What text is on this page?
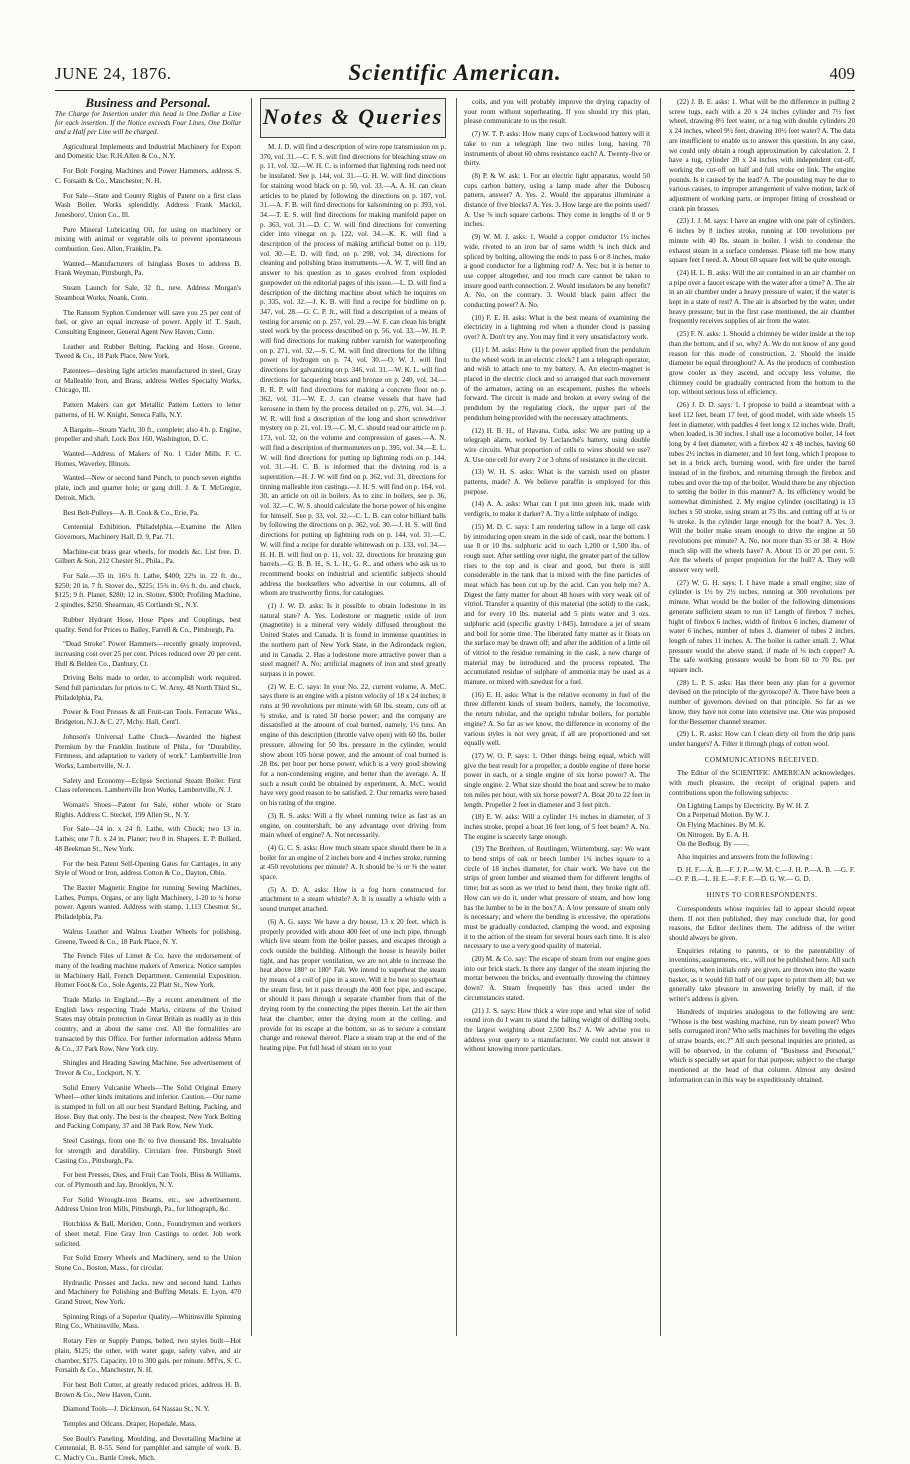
JUNE 24, 1876.	Scientific American.	409
Business and Personal.
The Charge for Insertion under this head is One Dollar a Line for each insertion. If the Notice exceeds Four Lines, One Dollar and a Half per Line will be charged.
Agricultural Implements and Industrial Machinery for Export and Domestic Use. R.H.Allen & Co., N.Y.
For Bolt Forging Machines and Power Hammers, address S. C. Forsaith & Co., Manchester, N. H.
For Sale—State and County Rights of Patent on a first class Wash Boiler. Works splendidly. Address Frank Mackil, Jonesboro', Union Co., Ill.
Pure Mineral Lubricating Oil, for using on machinery or mixing with animal or vegetable oils to prevent spontaneous combustion. Geo. Allen, Franklin, Pa.
Wanted—Manufacturers of Isinglass Boxes to address B. Frank Weyman, Pittsburgh, Pa.
Steam Launch for Sale, 32 ft., new. Address Morgan's Steamboat Works, Noank, Conn.
The Ransom Syphon Condenser will save you 25 per cent of fuel, or give an equal increase of power. Apply it! T. Sault, Consulting Engineer, General Agent New Haven, Conn.
Leather and Rubber Belting, Packing and Hose. Greene, Tweed & Co., 18 Park Place, New York.
Patentees—desiring light articles manufactured in steel, Gray or Malleable Iron, and Brass, address Welles Specialty Works, Chicago, Ill.
Pattern Makers can get Metallic Pattern Letters to letter patterns, of H. W. Knight, Seneca Falls, N.Y.
A Bargain—Steam Yacht, 30 ft., complete; also 4 h. p. Engine, propeller and shaft. Lock Box 160, Washington, D. C.
Wanted—Address of Makers of No. 1 Cider Mills. F. C. Homes, Waverley, Illinois.
Wanted—New or second hand Punch, to punch seven eighths plate, inch and quarter hole; or gang drill. J. & T. McGregor, Detroit, Mich.
Best Belt-Pulleys—A. B. Cook & Co., Erie, Pa.
Centennial Exhibition, Philadelphia.—Examine the Allen Governors, Machinery Hall, D. 9, Par. 71.
Machine-cut brass gear wheels, for models &c. List free. D. Gilbert & Son, 212 Chester St., Phila., Pa.
For Sale.—35 in. 16½ ft. Lathe, $400; 22¾ in. 22 ft. do., $250; 20 in. 7 ft. Stover do., $225; 15¾ in. 6¼ ft. do. and chuck, $125; 9 ft. Planer, $280; 12 in. Slotter, $300; Profiling Machine, 2 spindles, $250. Shearman, 45 Cortlandt St., N.Y.
Rubber Hydrant Hose, Hose Pipes and Couplings, best quality. Send for Prices to Bailey, Farrell & Co., Pittsburgh, Pa.
"Dead Stroke" Power Hammers—recently greatly improved, increasing cost over 25 per cent. Prices reduced over 20 per cent. Hull & Belden Co., Danbury, Ct.
Driving Belts made to order, to accomplish work required. Send full particulars for prices to C. W. Arny, 48 North Third St., Philadelphia, Pa.
Power & Foot Presses & all Fruit-can Tools. Ferracute Wks., Bridgeton, N.J. & C. 27, Mchy. Hall, Cent'l.
Johnson's Universal Lathe Chuck—Awarded the highest Premium by the Franklin Institute of Phila., for "Durability, Firmness, and adaptation to variety of work." Lambertville Iron Works, Lambertville, N. J.
Safety and Economy—Eclipse Sectional Steam Boiler. First Class references. Lambertville Iron Works, Lambertville, N. J.
Woman's Shoes—Patent for Sale, either whole or State Rights. Address C. Steckel, 199 Allen St., N. Y.
For Sale—24 in. x 24 ft. Lathe, with Chuck; two 13 in. Lathes; one 7 ft. x 24 in. Planer; two 8 in. Shapers. E. P. Bullard, 48 Beekman St., New York.
For the best Patent Self-Opening Gates for Carriages, in any Style of Wood or Iron, address Cotton & Co., Dayton, Ohio.
The Baxter Magnetic Engine for running Sewing Machines, Lathes, Pumps, Organs, or any light Machinery, 1-20 to ¼ horse power. Agents wanted. Address with stamp, 1,113 Chestnut St., Philadelphia, Pa.
Walrus Leather and Walrus Leather Wheels for polishing. Greene, Tweed & Co., 18 Park Place, N. Y.
The French Files of Limet & Co. have the endorsement of many of the leading machine makers of America. Notice samples in Machinery Hall, French Department, Centennial Exposition. Homer Foot & Co., Sole Agents, 22 Platt St., New York.
Trade Marks in England.—By a recent amendment of the English laws respecting Trade Marks, citizens of the United States may obtain protection in Great Britain as readily as in this country, and at about the same cost. All the formalities are transacted by this Office. For further information address Munn & Co., 37 Park Row, New York city.
Shingles and Heading Sawing Machine. See advertisement of Trevor & Co., Lockport, N. Y.
Solid Emery Vulcanite Wheels—The Solid Original Emery Wheel—other kinds imitations and inferior. Caution.—Our name is stamped in full on all our best Standard Belting, Packing, and Hose. Buy that only. The best is the cheapest. New York Belting and Packing Company, 37 and 38 Park Row, New York.
Steel Castings, from one lb. to five thousand lbs. Invaluable for strength and durability. Circulars free. Pittsburgh Steel Casting Co., Pittsburgh, Pa.
For best Presses, Dies, and Fruit Can Tools, Bliss & Williams, cor. of Plymouth and Jay, Brooklyn, N. Y.
For Solid Wrought-iron Beams, etc., see advertisement. Address Union Iron Mills, Pittsburgh, Pa., for lithograph, &c.
Hotchkiss & Ball, Meriden, Conn., Foundrymen and workers of sheet metal. Fine Gray Iron Castings to order. Job work solicited.
For Solid Emery Wheels and Machinery, send to the Union Stone Co., Boston, Mass., for circular.
Hydraulic Presses and Jacks, new and second hand. Lathes and Machinery for Polishing and Buffing Metals. E. Lyon, 470 Grand Street, New York.
Spinning Rings of a Superior Quality.—Whitinsville Spinning Ring Co., Whitinsville, Mass.
Rotary Fire or Supply Pumps, belted, two styles built—Hot plain, $125; the other, with water gage, safety valve, and air chamber, $175. Capacity, 10 to 300 gals. per minute. M'f'rs, S. C. Forsaith & Co., Manchester, N. H.
For best Bolt Cutter, at greatly reduced prices, address H. B. Brown & Co., New Haven, Conn.
Diamond Tools—J. Dickinson, 64 Nassau St., N. Y.
Temples and Oilcans. Draper, Hopedale, Mass.
See Boult's Paneling, Moulding, and Dovetailing Machine at Centennial, B. 8-55. Send for pamphlet and sample of work. B. C. Mach'y Co., Battle Creek, Mich.
Notes & Queries
M. J. D. will find a description of wire rope transmission on p. 370, vol. 31.—C. F. S. will find directions for bleaching straw on p. 11, vol. 32.—W. H. C. is informed that lightning rods need not be insulated. See p. 144, vol. 31.—G. H. W. will find directions for staining wood black on p. 50, vol. 33.—A. A. H. can clean articles to be plated by following the directions on p. 187, vol. 31.—A. F. B. will find directions for kalsomining on p. 393, vol. 34.—T. E. S. will find directions for making manifold paper on p. 363, vol. 31.—D. C. W. will find directions for converting cider into vinegar on p. 122, vol. 34.—K. K. will find a description of the process of making artificial butter on p. 119, vol. 30.—E. D. will find, on p. 298, vol. 34, directions for cleaning and polishing brass instruments.—A. W. T. will find an answer to his question as to gases evolved from exploded gunpowder on the editorial pages of this issue.—L. D. will find a description of the ditching machine about which he inquires on p. 335, vol. 32.—J. K. B. will find a recipe for birdlime on p. 347, vol. 28.—G. C. P. Jr., will find a description of a means of testing for arsenic on p. 257, vol. 29.—W. F. can clean his bright steel work by the process described on p. 56, vol. 33.—W. H. P. will find directions for making rubber varnish for waterproofing on p. 271, vol. 32.—S. C. M. will find directions for the lifting power of hydrogen on p. 74, vol. 30.—O. W. J. will find directions for galvanizing on p. 346, vol. 31.—W. K. L. will find directions for lacquering brass and bronze on p. 240, vol. 34.—R. R. P. will find directions for making a concrete floor on p. 362, vol. 31.—W. E. J. can cleanse vessels that have had kerosene in them by the process detailed on p. 276, vol. 34.—J. W. R. will find a description of the long and short screwdriver mystery on p. 21, vol. 19.—C. M. C. should read our article on p. 173, vol. 32, on the volume and compression of gases.—A. N. will find a description of thermometers on p. 395, vol. 34.—E. L. W. will find directions for putting up lightning rods on p. 144, vol. 31.—H. C. B. is informed that the divining rod is a superstition.—H. J. W. will find on p. 362, vol. 31, directions for tinning malleable iron castings.—J. H. S. will find on p. 164, vol. 30, an article on oil in boilers. As to zinc in boilers, see p. 36, vol. 32.—C. W. S. should calculate the horse power of his engine for himself. See p. 33, vol. 32.—C. L. B. can color billiard balls by following the directions on p. 362, vol. 30.—J. H. S. will find directions for putting up lightning rods on p. 144, vol. 31.—C. W. will find a recipe for durable whitewash on p. 133, vol. 34.—H. H. B. will find on p. 11, vol. 32, directions for bronzing gun barrels.—G. B. B. H., S. L. H., G. R., and others who ask us to recommend books on industrial and scientific subjects should address the booksellers who advertise in our columns, all of whom are trustworthy firms, for catalogues.
(1) J. W. D. asks: Is it possible to obtain lodestone in its natural state? A. Yes. Lodestone or magnetic oxide of iron (magnetite) is a mineral very widely diffused throughout the United States and Canada. It is found in immense quantities in the northern part of New York State, in the Adirondack region, and in Canada. 2. Has a lodestone more attractive power than a steel magnet? A. No; artificial magnets of iron and steel greatly surpass it in power.
(2) W. E. C. says: In your No. 22, current volume, A. McC. says there is an engine with a piston velocity of 18 x 24 inches; it runs at 90 revolutions per minute with 60 lbs. steam, cuts off at ¾ stroke, and is rated 50 horse power; and the company are dissatisfied at the amount of coal burned, namely, 1½ tuns. An engine of this description (throttle valve open) with 60 lbs. boiler pressure, allowing for 50 lbs. pressure in the cylinder, would show about 105 horse power, and the amount of coal burned is 28 lbs. per hour per horse power, which is a very good showing for a non-condensing engine, and better than the average. A. If such a result could be obtained by experiment, A. McC. would have very good reason to be satisfied. 2. Our remarks were based on his rating of the engine.
(3) R. S. asks: Will a fly wheel running twice as fast as an engine, on countershaft, be any advantage over driving from main wheel of engine? A. Not necessarily.
(4) G. C. S. asks: How much steam space should there be in a boiler for an engine of 2 inches bore and 4 inches stroke, running at 450 revolutions per minute? A. It should be ¼ or ⅜ the water space.
(5) A. D. A. asks: How is a fog horn constructed for attachment to a steam whistle? A. It is usually a whistle with a sound trumpet attached.
(6) A. G. says: We have a dry house, 13 x 20 feet, which is properly provided with about 400 feet of one inch pipe, through which live steam from the boiler passes, and escapes through a cock outside the building. Although the house is heavily boiler tight, and has proper ventilation, we are not able to increase the heat above 180° or 180° Fah. We intend to superheat the steam by means of a coil of pipe in a stove. Will it be best to superheat the steam first, let it pass through the 400 feet pipe, and escape, or should it pass through a separate chamber from that of the drying room by the connecting the pipes therein. Let the air then heat the chamber, enter the drying room at the ceiling, and provide for its escape at the bottom, so as to secure a constant change and renewal thereof. Place a steam trap at the end of the heating pipe. Put full head of steam on to your
coils, and you will probably improve the drying capacity of your room without superheating. If you should try this plan, please communicate to us the result.
(7) W. T. P. asks: How many cups of Lockwood battery will it take to run a telegraph line two miles long, having 70 instruments of about 60 ohms resistance each? A. Twenty-five or thirty.
(8) P. & W. ask: 1. For an electric light apparatus, would 50 cups carbon battery, using a lamp made after the Duboscq pattern, answer? A. Yes. 2. Would the apparatus illuminate a distance of five blocks? A. Yes. 3. How large are the points used? A. Use ⅜ inch square carbons. They come in lengths of 8 or 9 inches.
(9) W. M. J. asks: 1. Would a copper conductor 1½ inches wide, riveted to an iron bar of same width ¼ inch thick and spliced by bolting, allowing the ends to pass 6 or 8 inches, make a good conductor for a lightning rod? A. Yes; but it is better to use copper altogether, and too much care cannot be taken to insure good earth connection. 2. Would insulators be any benefit? A. No, on the contrary. 3. Would black paint affect the conducting power? A. No.
(10) F. E. H. asks: What is the best means of examining the electricity in a lightning rod when a thunder cloud is passing over? A. Don't try any. You may find it very unsatisfactory work.
(11) I. M. asks: How is the power applied from the pendulum to the wheel work in an electric clock? I am a telegraph operator, and wish to attach one to my battery. A. An electro-magnet is placed in the electric clock and so arranged that each movement of the armature, acting on an escapement, pushes the wheels forward. The circuit is made and broken at every swing of the pendulum by the regulating clock, the upper part of the pendulum being provided with the necessary attachments.
(12) H. B. H., of Havana, Cuba, asks: We are putting up a telegraph alarm, worked by Leclanché's battery, using double wire circuits. What proportion of cells to wires should we use? A. Use one cell for every 2 or 3 ohms of resistance in the circuit.
(13) W. H. S. asks: What is the varnish used on plaster patterns, made? A. We believe paraffin is employed for this purpose.
(14) A. A. asks: What can I put into green ink, made with verdigris, to make it darker? A. Try a little sulphate of indigo.
(15) M. D. C. says: I am rendering tallow in a large oil cask by introducing open steam in the side of cask, near the bottom. I use 8 or 10 lbs. sulphuric acid to each 1,200 or 1,500 lbs. of rough suet. After settling over night, the greater part of the tallow rises to the top and is clear and good, but there is still considerable in the tank that is mixed with the fine particles of meat which has been cut up by the acid. Can you help me? A. Digest the fatty matter for about 48 hours with very weak oil of vitriol. Transfer a quantity of this material (the solid) to the cask, and for every 10 lbs. material add 5 pints water and 3 ozs. sulphuric acid (specific gravity 1·845). Introduce a jet of steam and boil for some time. The liberated fatty matter as it floats on the surface may be drawn off; and after the addition of a little oil of vitriol to the residue remaining in the cask, a new charge of material may be introduced and the process repeated. The accumulated residue of sulphate of ammonia may be used as a manure, or mixed with sawdust for a fuel.
(16) E. H. asks: What is the relative economy in fuel of the three different kinds of steam boilers, namely, the locomotive, the return tubular, and the upright tubular boilers, for portable engine? A. So far as we know, the difference in economy of the various styles is not very great, if all are proportioned and set equally well.
(17) W. O. P. says: 1. Other things being equal, which will give the best result for a propeller, a double engine of three horse power in each, or a single engine of six horse power? A. The single engine. 2. What size should the boat and screw be to make ten miles per hour, with six horse power? A. Boat 20 to 22 feet in length. Propeller 2 feet in diameter and 3 feet pitch.
(18) E. W. asks: Will a cylinder 1½ inches in diameter, of 3 inches stroke, propel a boat 16 feet long, of 5 feet beam? A. No. The engine is scarcely large enough.
(19) The Brethren, of Reutlingen, Würtemburg, say: We want to bend strips of oak or beech lumber 1¾ inches square to a circle of 18 inches diameter, for chair work. We have cut the strips of green lumber and steamed them for different lengths of time; but as soon as we tried to bend them, they broke right off. How can we do it, under what pressure of steam, and how long has the lumber to be in the box? A. A low pressure of steam only is necessary; and where the bending is excessive, the operations must be gradually conducted, clamping the wood, and exposing it to the action of the steam for several hours each time. It is also necessary to use a very good quality of material.
(20) M. & Co. say: The escape of steam from our engine goes into our brick stack. Is there any danger of the steam injuring the mortar between the bricks, and eventually throwing the chimney down? A. Steam frequently has thus acted under the circumstances stated.
(21) J. S. says: How thick a wire rope and what size of solid round iron do I want to stand the falling weight of drilling tools, the largest weighing about 2,500 lbs.? A. We advise you to address your query to a manufacturer. We could not answer it without knowing more particulars.
(22) J. B. E. asks: 1. What will be the difference in pulling 2 screw tugs, each with a 20 x 24 inches cylinder and 7½ feet wheel, drawing 8½ feet water, or a tug with double cylinders 20 x 24 inches, wheel 9½ feet, drawing 10½ feet water? A. The data are insufficient to enable us to answer this question. In any case, we could only obtain a rough approximation by calculation. 2. I have a tug, cylinder 20 x 24 inches with independent cut-off, working the cut-off on half and full stroke on link. The engine pounds. Is it caused by the lead? A. The pounding may be due to various causes, to improper arrangement of valve motion, lack of adjustment of working parts, or improper fitting of crosshead or crank pin brasses.
(23) J. J. M. says: I have an engine with one pair of cylinders, 6 inches by 8 inches stroke, running at 100 revolutions per minute with 40 lbs. steam in boiler. I wish to condense the exhaust steam in a surface condenser. Please tell me how many square feet I need. A. About 60 square feet will be quite enough.
(24) H. L. B. asks: Will the air contained in an air chamber on a pipe over a faucet escape with the water after a time? A. The air in an air chamber under a heavy pressure of water, if the water is kept in a state of rest? A. The air is absorbed by the water, under heavy pressure; but in the first case mentioned, the air chamber frequently receives supplies of air from the water.
(25) F. N. asks: 1. Should a chimney be wider inside at the top than the bottom, and if so, why? A. We do not know of any good reason for this mode of construction. 2. Should the inside diameter be equal throughout? A. As the products of combustion grow cooler as they ascend, and occupy less volume, the chimney could be gradually contracted from the bottom to the top, without serious loss of efficiency.
(26) J. D. D. says: 1. I propose to build a steamboat with a keel 112 feet, beam 17 feet, of good model, with side wheels 15 feet in diameter, with paddles 4 feet long x 12 inches wide. Draft, when loaded, is 30 inches. I shall use a locomotive boiler, 14 feet long by 4 feet diameter, with a firebox 42 x 48 inches, having 60 tubes 2½ inches in diameter, and 10 feet long, which I propose to set in a brick arch, burning wood, with fire under the barrel instead of in the firebox, and returning through the firebox and tubes and over the top of the boiler. Would there be any objection to setting the boiler in this manner? A. Its efficiency would be somewhat diminished. 2. My engine cylinder (oscillating) is 13 inches x 50 stroke, using steam at 75 lbs. and cutting off at ¼ or ⅜ stroke. Is the cylinder large enough for the boat? A. Yes. 3. Will the boiler make steam enough to drive the engine at 50 revolutions per minute? A. No, not more than 35 or 38. 4. How much slip will the wheels have? A. About 15 or 20 per cent. 5. Are the wheels of proper proportion for the hull? A. They will answer very well.
(27) W. G. H. says: I. I have made a small engine; size of cylinder is 1½ by 2½ inches, running at 300 revolutions per minute. What would be the boiler of the following dimensions generate sufficient steam to run it? Length of firebox 7 inches, hight of firebox 6 inches, width of firebox 6 inches, diameter of water 6 inches, number of tubes 3, diameter of tubes 2 inches, length of tubes 11 inches. A. The boiler is rather small. 2. What pressure would the above stand, if made of ⅛ inch copper? A. The safe working pressure would be from 60 to 70 lbs. per square inch.
(28) L. P. S. asks: Has there been any plan for a governor devised on the principle of the gyroscope? A. There have been a number of governors devised on that principle. So far as we know, they have not come into extensive use. One was proposed for the Bessemer channel steamer.
(29) L. R. asks: How can I clean dirty oil from the drip pans under hangers? A. Filter it through plugs of cotton wool.
COMMUNICATIONS RECEIVED.
The Editor of the SCIENTIFIC AMERICAN acknowledges, with much pleasure, the receipt of original papers and contributions upon the following subjects:
On Lighting Lamps by Electricity. By W. H. Z
On a Perpetual Motion. By W. J.
On Flying Machines. By M. K.
On Nitrogen. By E. A. H.
On the Bedbug. By ——.
Also inquiries and answers from the following :
D. H. F.—A. B.—F. J. P.—W. M. C.—J. H. P.—A. B. —G. F.—O. P. B.—L. H. E.—F. F. F.—D. G. W.— G. D.
HINTS TO CORRESPONDENTS.
Correspondents whose inquiries fail to appear should repeat them. If not then published, they may conclude that, for good reasons, the Editor declines them. The address of the writer should always be given.
Enquiries relating to patents, or to the patentability of inventions, assignments, etc., will not be published here. All such questions, when initials only are given, are thrown into the waste basket, as it would fill half of our paper to print them all; but we generally take pleasure in answering briefly by mail, if the writer's address is given.
Hundreds of inquiries analogous to the following are sent: "Whose is the best washing machine, run by steam power? Who sells corrugated iron? Who sells machines for beveling the edges of straw boards, etc.?" All such personal inquiries are printed, as will be observed, in the column of "Business and Personal," which is specially set apart for that purpose, subject to the charge mentioned at the head of that column. Almost any desired information can in this way be expeditiously obtained.
